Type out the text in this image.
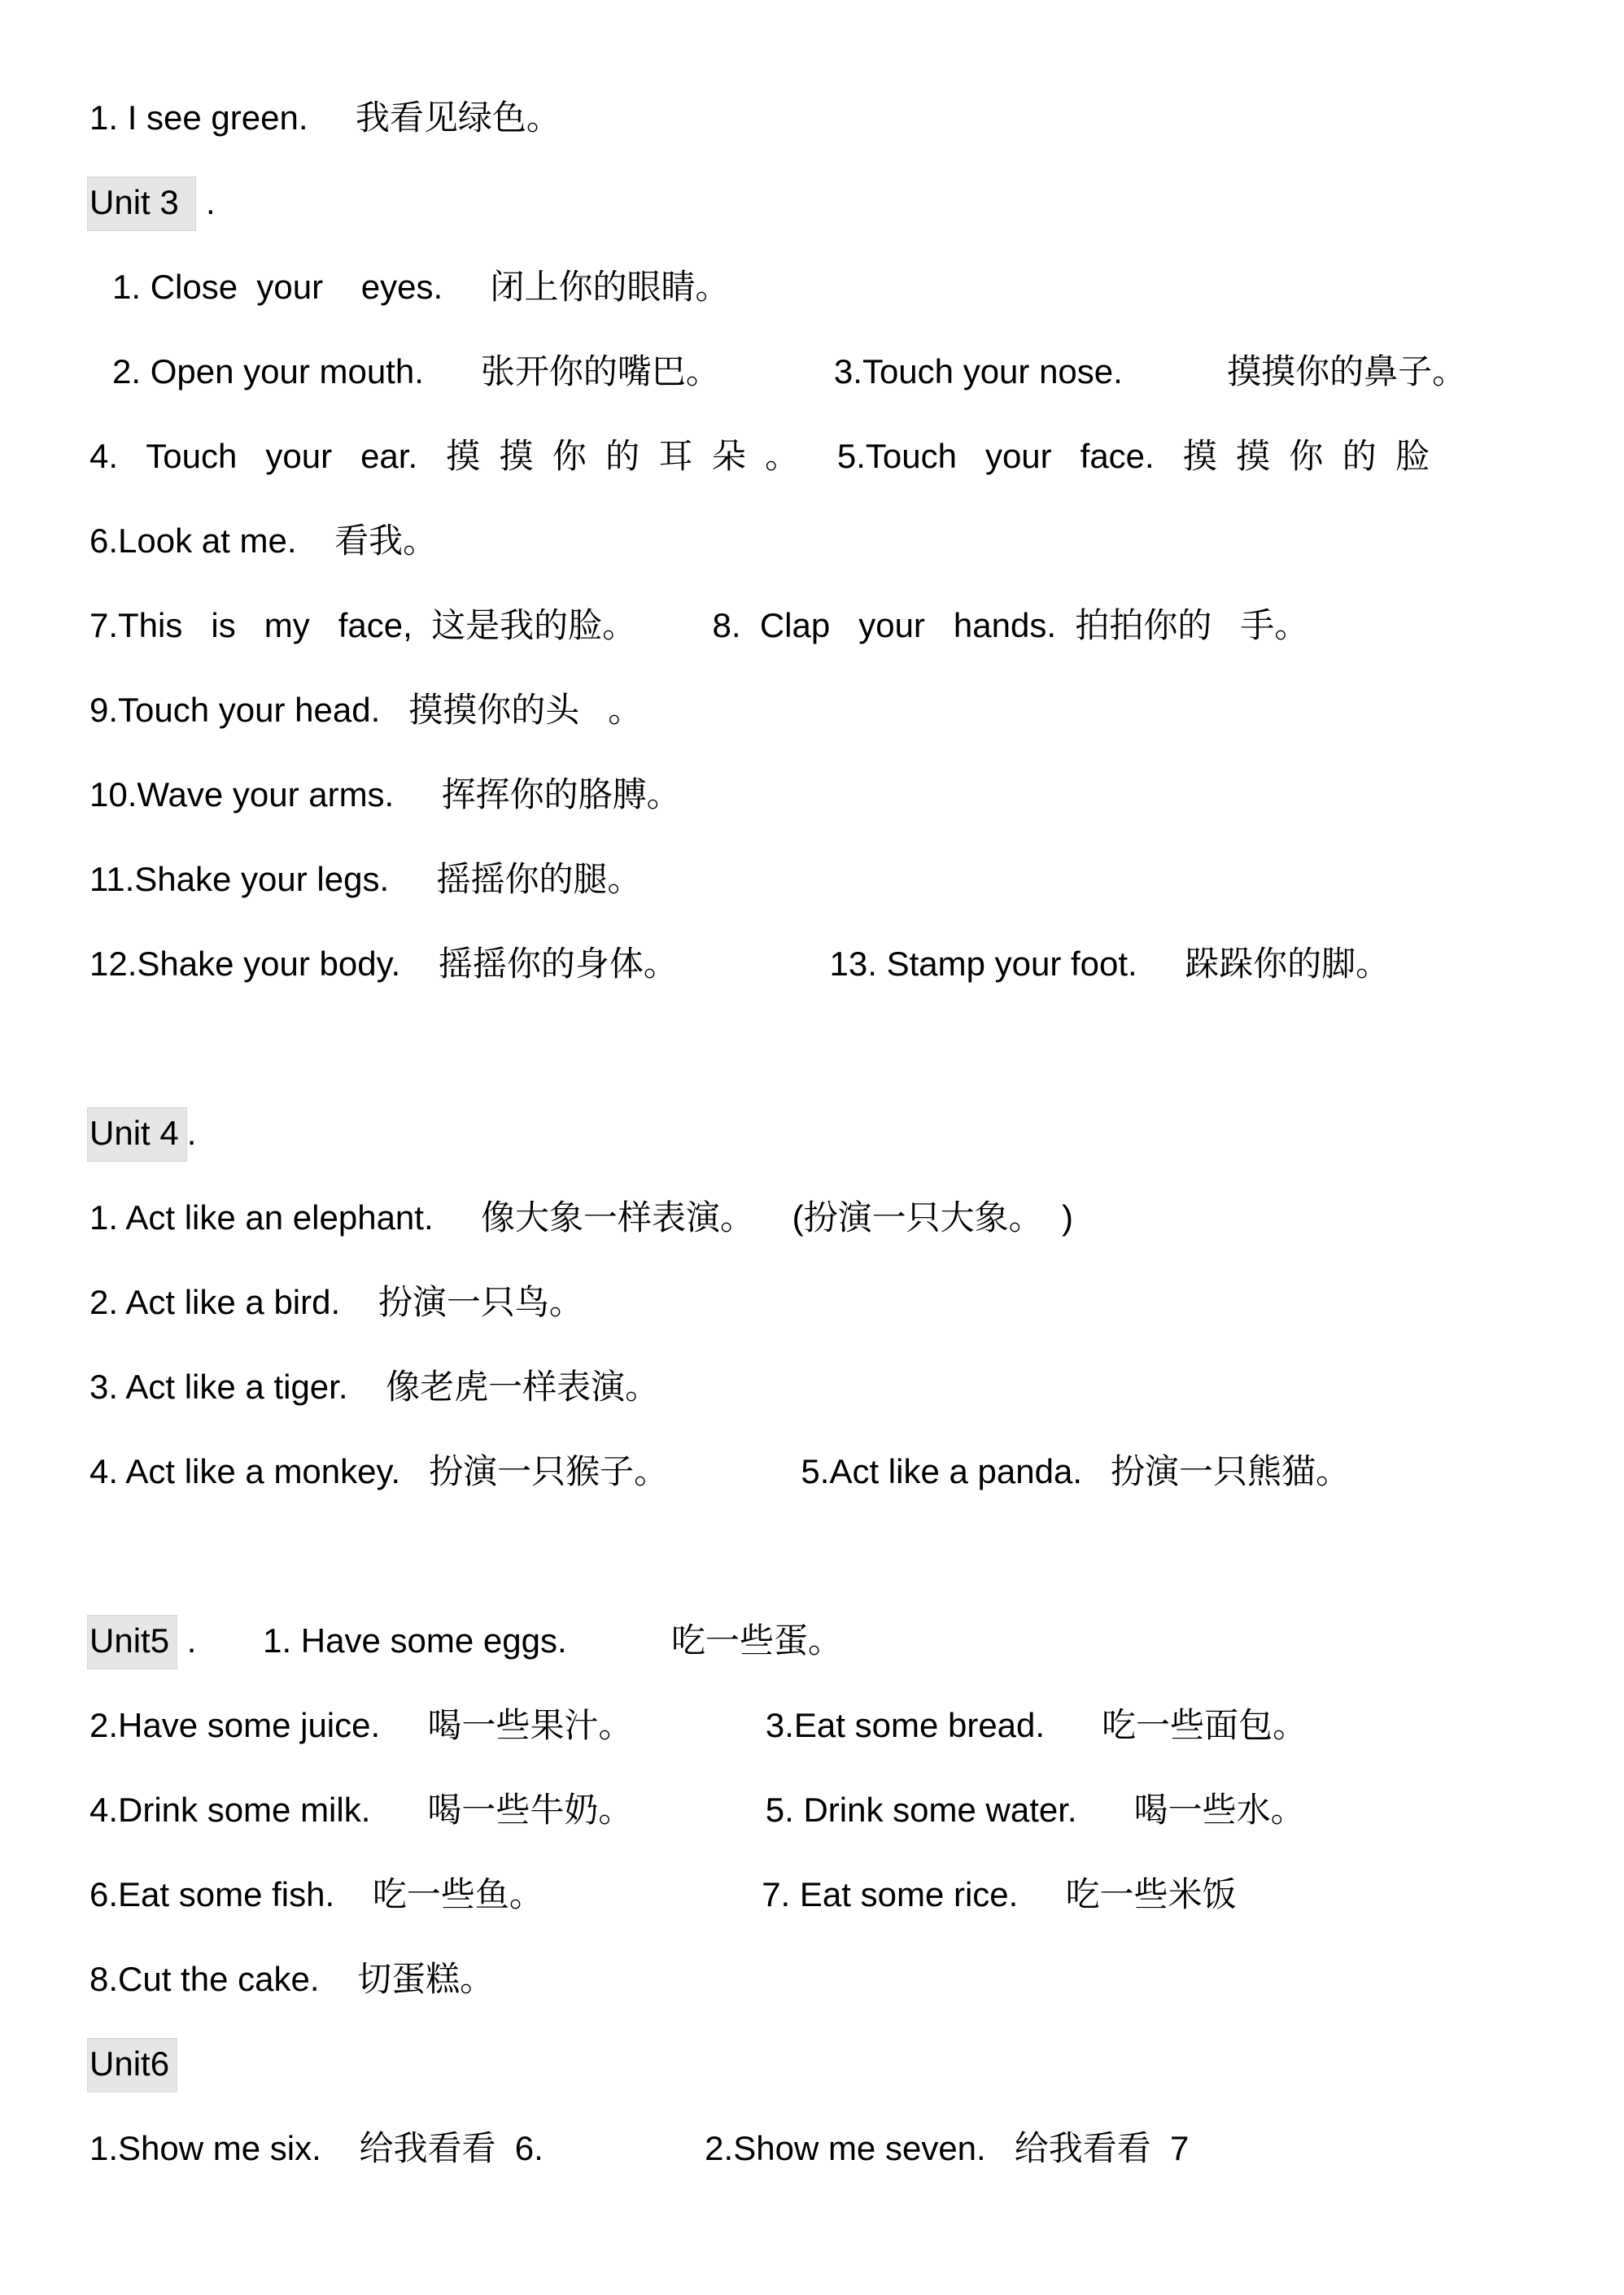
1. I see green.     我看见绿色。

Unit 3  .

1. Close  your    eyes.     闭上你的眼睛。

2. Open your mouth.      张开你的嘴巴。            3.Touch your nose.           摸摸你的鼻子。

4.   Touch   your   ear.   摸  摸  你  的  耳  朵  。    5.Touch   your   face.   摸  摸  你  的  脸

6.Look at me.    看我。

7.This   is   my   face,  这是我的脸。        8.  Clap   your   hands.  拍拍你的   手。

9.Touch your head.   摸摸你的头   。

10.Wave your arms.     挥挥你的胳膊。

11.Shake your legs.     摇摇你的腿。

12.Shake your body.    摇摇你的身体。                13. Stamp your foot.     跺跺你的脚。

Unit 4 .

1. Act like an elephant.     像大象一样表演。    (扮演一只大象。  )

2. Act like a bird.    扮演一只鸟。

3. Act like a tiger.    像老虎一样表演。

4. Act like a monkey.   扮演一只猴子。              5.Act like a panda.   扮演一只熊猫。

Unit5 .       1. Have some eggs.           吃一些蛋。

2.Have some juice.     喝一些果汁。              3.Eat some bread.      吃一些面包。

4.Drink some milk.      喝一些牛奶。              5. Drink some water.      喝一些水。

6.Eat some fish.    吃一些鱼。                       7. Eat some rice.     吃一些米饭

8.Cut the cake.    切蛋糕。

Unit6

1.Show me six.    给我看看  6.                 2.Show me seven.   给我看看  7
